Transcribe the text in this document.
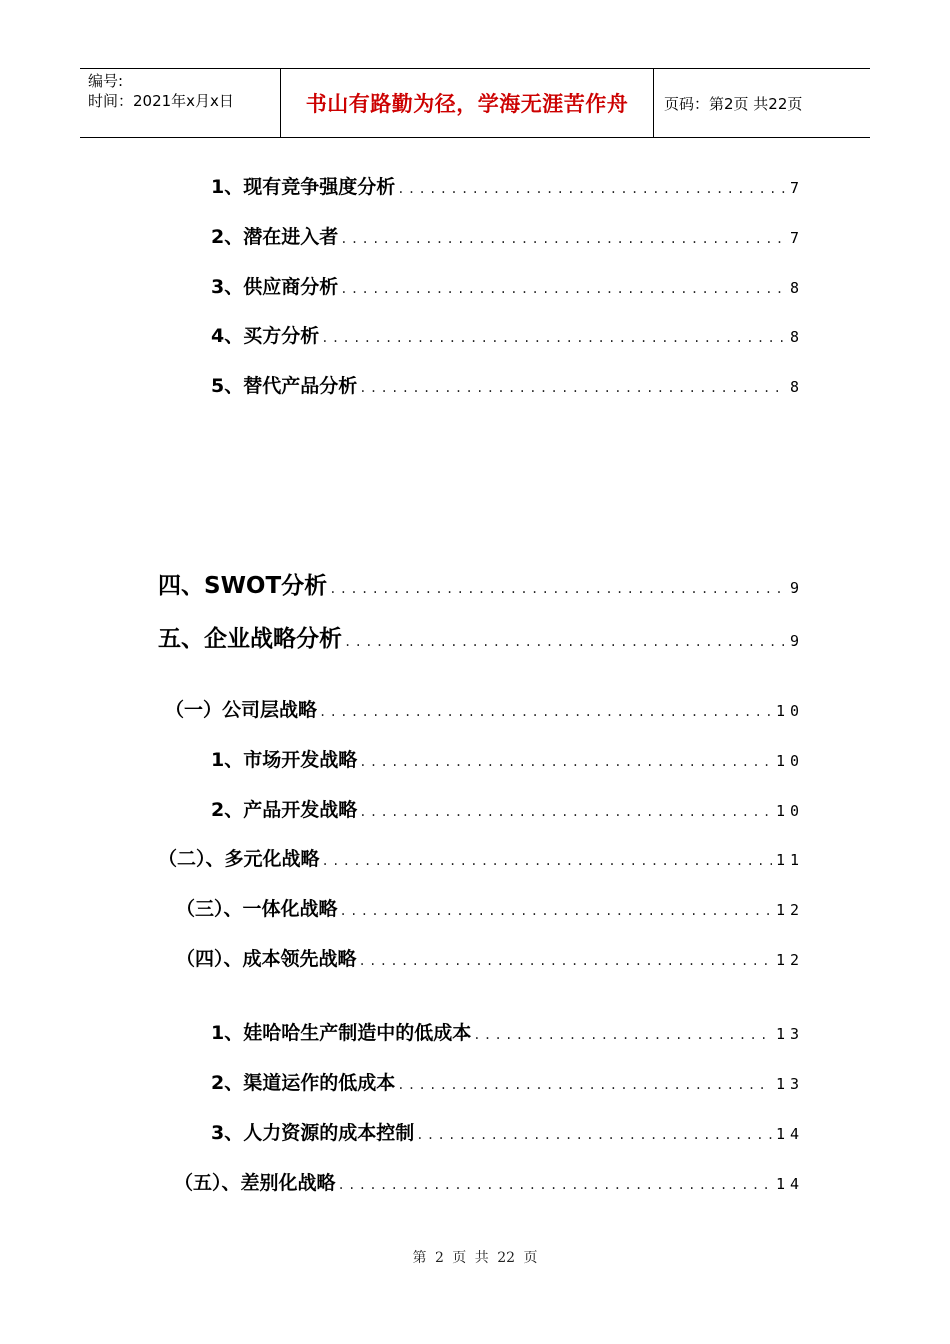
编号:
时间：2021年x月x日	书山有路勤为径，学海无涯苦作舟	页码：第2页 共22页
1、现有竞争强度分析 .....	7
2、潜在进入者 .....	7
3、供应商分析 .....	8
4、买方分析 .....	8
5、替代产品分析 .....	8
四、SWOT分析 .....	9
五、企业战略分析 .....	9
（一）公司层战略 .....	10
1、市场开发战略 .....	10
2、产品开发战略 .....	10
（二）、多元化战略 .....	11
（三）、一体化战略 .....	12
（四）、成本领先战略 .....	12
1、娃哈哈生产制造中的低成本 .....	13
2、渠道运作的低成本 .....	13
3、人力资源的成本控制 .....	14
（五）、差别化战略 .....	14
第 2 页 共 22 页
